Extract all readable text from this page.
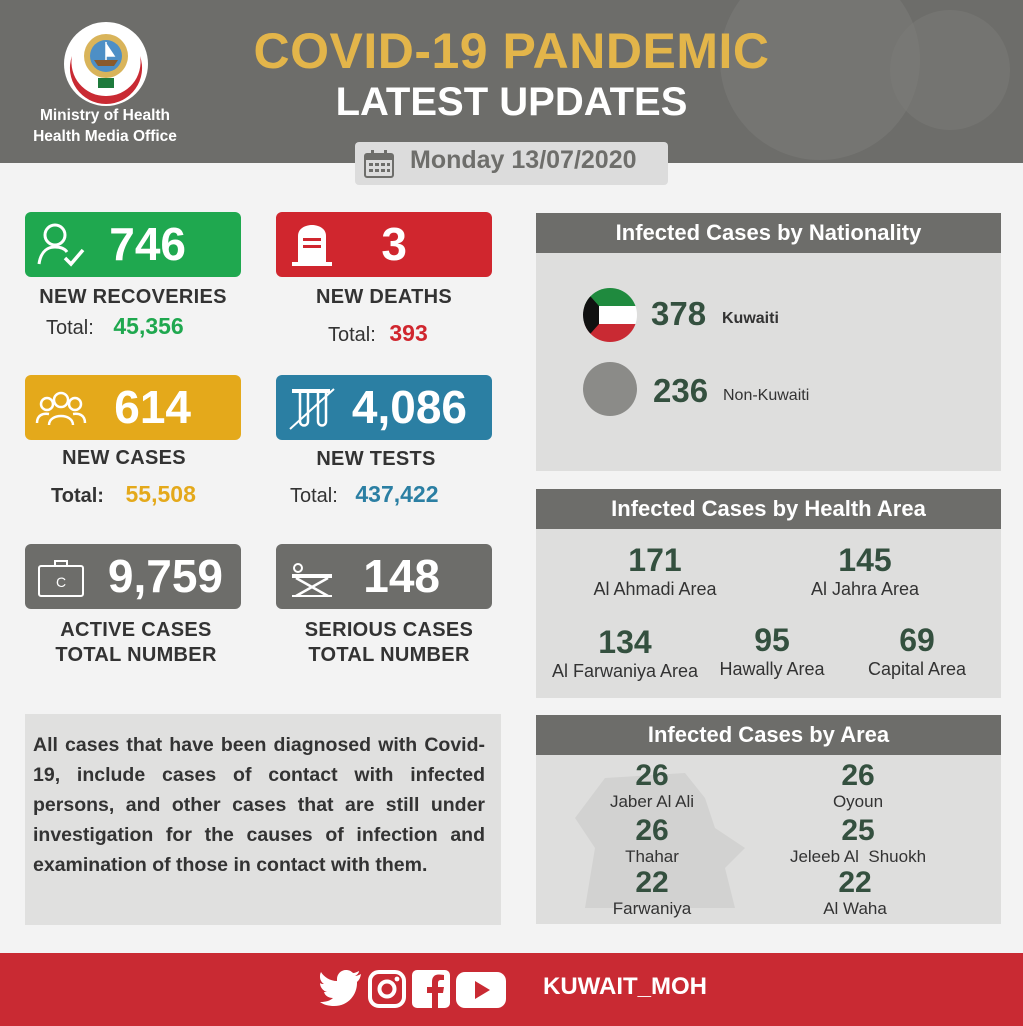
Ministry of Health
Health Media Office
COVID-19 PANDEMIC
LATEST UPDATES
Monday 13/07/2020
746
NEW RECOVERIES
Total: 45,356
3
NEW DEATHS
Total: 393
614
NEW CASES
Total: 55,508
4,086
NEW TESTS
Total: 437,422
C 9,759
ACTIVE CASES
TOTAL NUMBER
148
SERIOUS CASES
TOTAL NUMBER
All cases that have been diagnosed with Covid-19, include cases of contact with infected persons, and other cases that are still under investigation for the causes of infection and examination of those in contact with them.
Infected Cases by Nationality
378 Kuwaiti
236 Non-Kuwaiti
Infected Cases by Health Area
171
Al Ahmadi Area
145
Al Jahra Area
134
Al Farwaniya Area
95
Hawally Area
69
Capital Area
26
Jaber Al Ali
26
Oyoun
26
Thahar
25
Jeleeb Al  Shuokh
22
Farwaniya
22
Al Waha
Infected Cases by Area
KUWAIT_MOH
